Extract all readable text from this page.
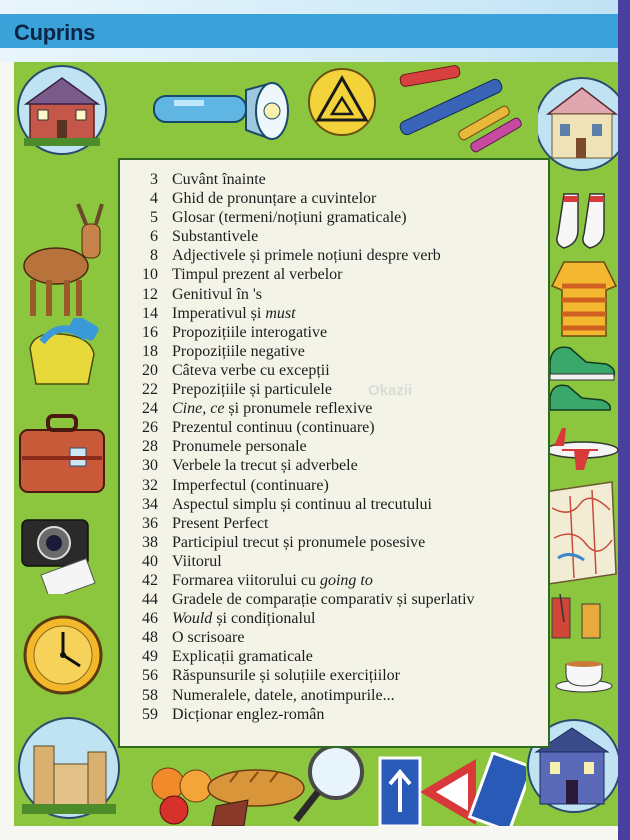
Cuprins
3 Cuvânt înainte
4 Ghid de pronunțare a cuvintelor
5 Glosar (termeni/noțiuni gramaticale)
6 Substantivele
8 Adjectivele și primele noțiuni despre verb
10 Timpul prezent al verbelor
12 Genitivul în 's
14 Imperativul și must
16 Propozițiile interogative
18 Propozițiile negative
20 Câteva verbe cu excepții
22 Prepozițiile și particulele
24 Cine, ce și pronumele reflexive
26 Prezentul continuu (continuare)
28 Pronumele personale
30 Verbele la trecut și adverbele
32 Imperfectul (continuare)
34 Aspectul simplu și continuu al trecutului
36 Present Perfect
38 Participiul trecut și pronumele posesive
40 Viitorul
42 Formarea viitorului cu going to
44 Gradele de comparație comparativ și superlativ
46 Would și condiționalul
48 O scrisoare
49 Explicații gramaticale
56 Răspunsurile și soluțiile exercițiilor
58 Numeralele, datele, anotimpurile...
59 Dicționar englez-român
Okazii
